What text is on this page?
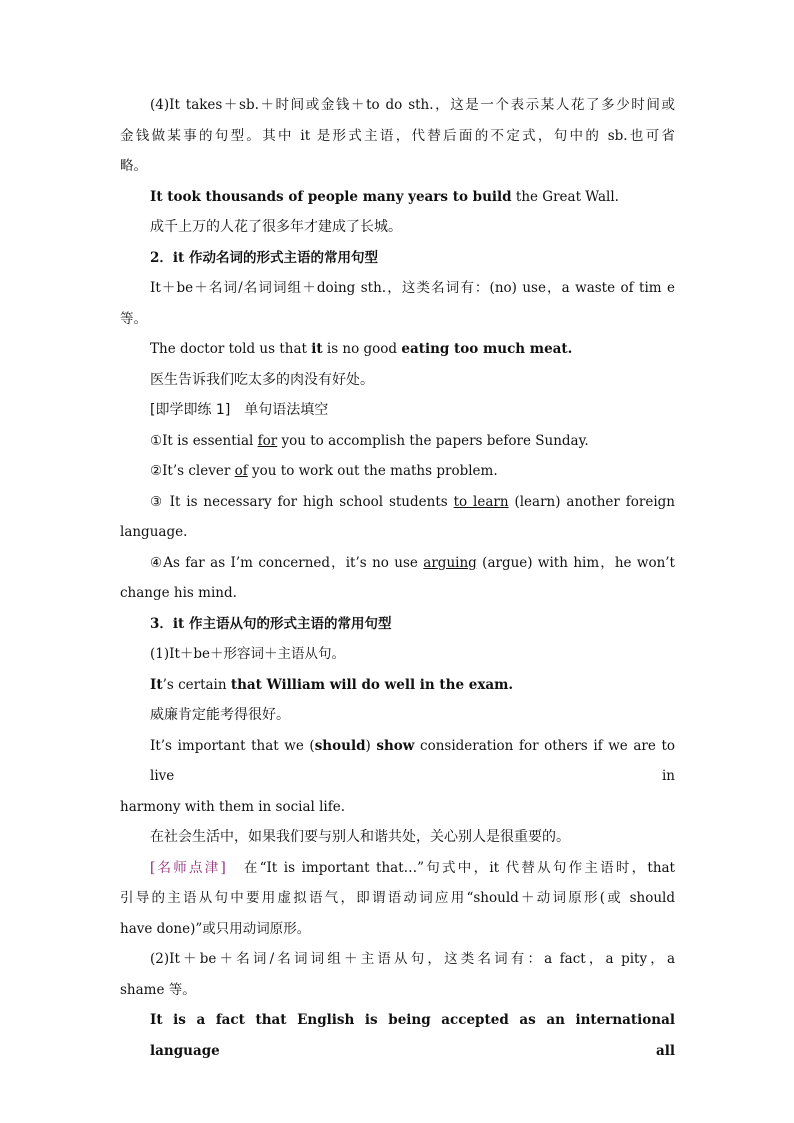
(4)It takes＋sb.＋时间或金钱＋to do sth.，这是一个表示某人花了多少时间或
金钱做某事的句型。其中 it 是形式主语，代替后面的不定式，句中的 sb.也可省
略。
It took thousands of people many years to build the Great Wall.
成千上万的人花了很多年才建成了长城。
2．it 作动名词的形式主语的常用句型
It＋be＋名词/名词词组＋doing sth.，这类名词有：(no) use，a waste of tim e
等。
The doctor told us that it is no good eating too much meat.
医生告诉我们吃太多的肉没有好处。
[即学即练 1]　单句语法填空
①It is essential for you to accomplish the papers before Sunday.
②It’s clever of you to work out the maths problem.
③ It is necessary for high school students to learn (learn) another foreign
language.
④As far as I’m concerned，it’s no use arguing (argue) with him，he won’t
change his mind.
3．it 作主语从句的形式主语的常用句型
(1)It＋be＋形容词＋主语从句。
It’s certain that William will do well in the exam.
威廉肯定能考得很好。
It’s important that we (should) show consideration for others if we are to live in
harmony with them in social life.
在社会生活中，如果我们要与别人和谐共处，关心别人是很重要的。
[名师点津]　在“It is important that…”句式中，it 代替从句作主语时，that
引导的主语从句中要用虚拟语气，即谓语动词应用“should＋动词原形(或 should
have done)”或只用动词原形。
(2)It＋be＋名词/名词词组＋主语从句，这类名词有：a fact，a pity，a
shame 等。
It is a fact that English is being accepted as an international language all
